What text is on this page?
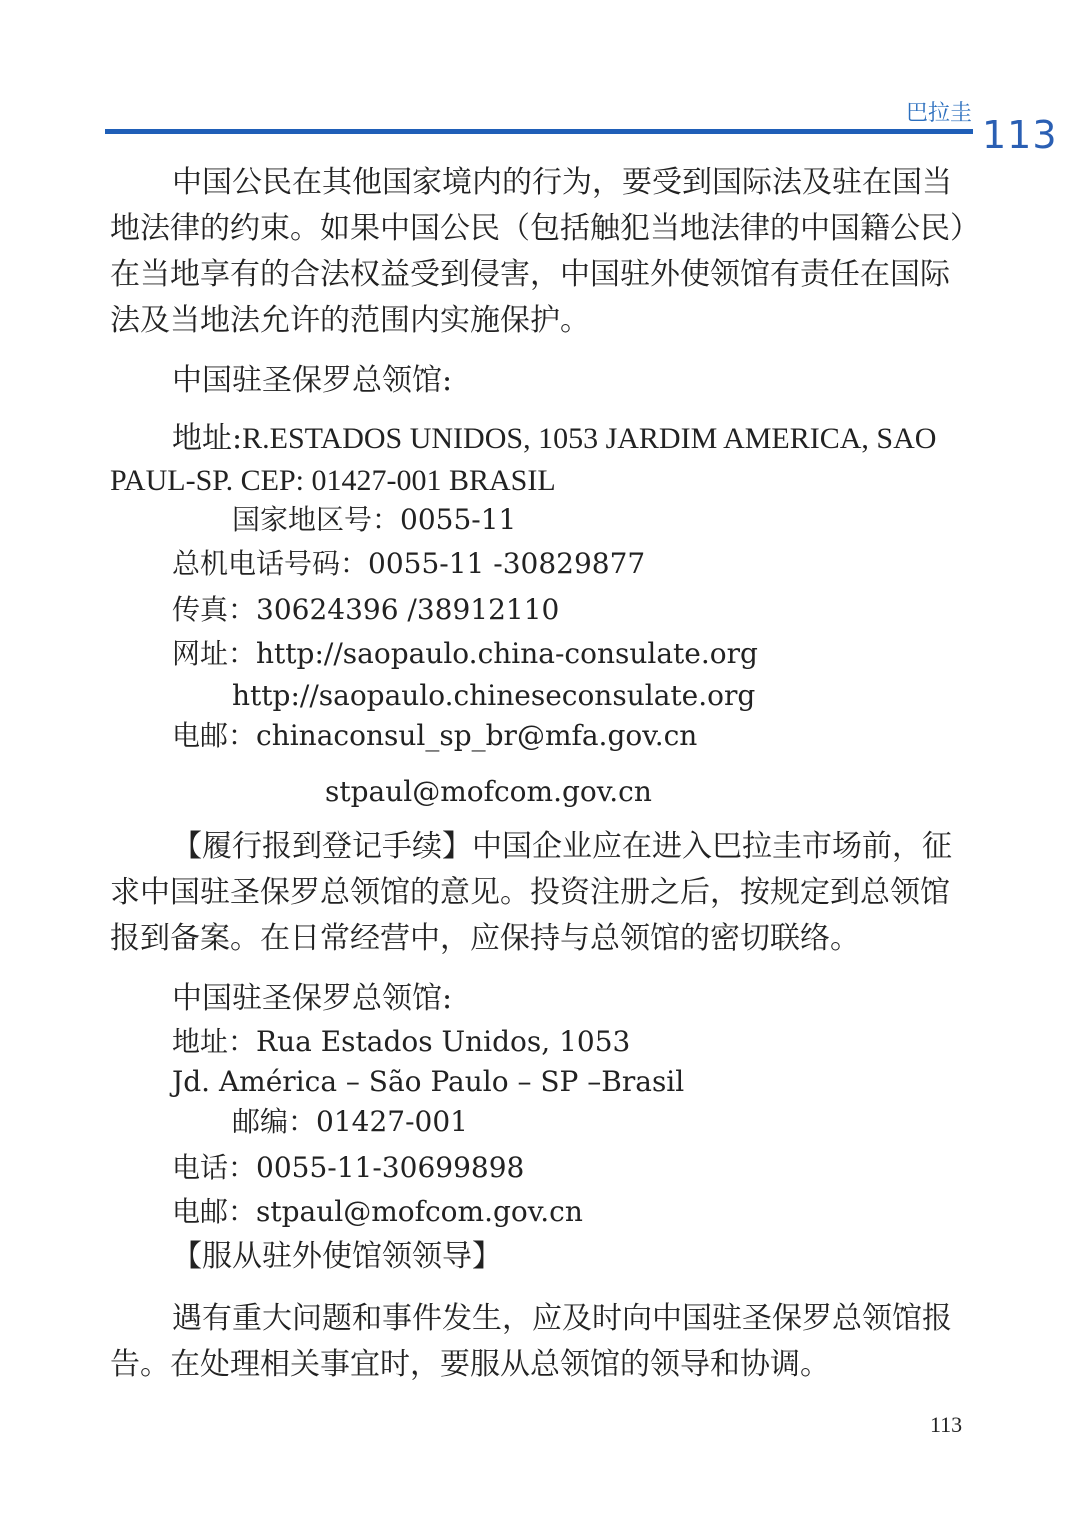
巴拉圭 113
中国公民在其他国家境内的行为，要受到国际法及驻在国当
地法律的约束。如果中国公民（包括触犯当地法律的中国籍公民）
在当地享有的合法权益受到侵害，中国驻外使领馆有责任在国际
法及当地法允许的范围内实施保护。
中国驻圣保罗总领馆:
地址:R.ESTADOS UNIDOS, 1053 JARDIM AMERICA, SAO
PAUL-SP. CEP: 01427-001 BRASIL
国家地区号：0055-11
总机电话号码：0055-11 -30829877
传真：30624396 /38912110
网址：http://saopaulo.china-consulate.org
http://saopaulo.chineseconsulate.org
电邮：chinaconsul_sp_br@mfa.gov.cn
stpaul@mofcom.gov.cn
【履行报到登记手续】中国企业应在进入巴拉圭市场前，征
求中国驻圣保罗总领馆的意见。投资注册之后，按规定到总领馆
报到备案。在日常经营中，应保持与总领馆的密切联络。
中国驻圣保罗总领馆:
地址：Rua Estados Unidos, 1053
Jd. América – São Paulo – SP –Brasil
邮编：01427-001
电话：0055-11-30699898
电邮：stpaul@mofcom.gov.cn
【服从驻外使馆领领导】
遇有重大问题和事件发生，应及时向中国驻圣保罗总领馆报
告。在处理相关事宜时，要服从总领馆的领导和协调。
113
